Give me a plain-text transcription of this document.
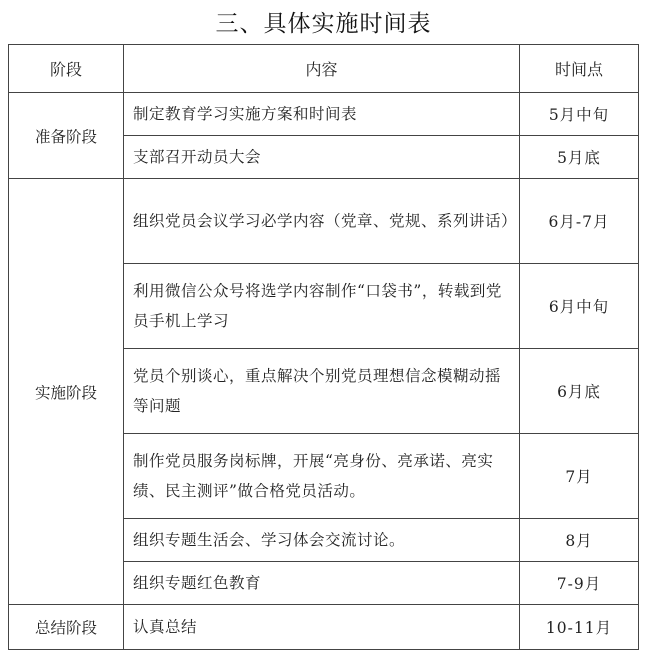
三、具体实施时间表
阶段	内容	时间点
准备阶段	制定教育学习实施方案和时间表	5月中旬
	支部召开动员大会	5月底
实施阶段	组织党员会议学习必学内容（党章、党规、系列讲话）	6月-7月
	利用微信公众号将选学内容制作“口袋书”，转载到党员手机上学习	6月中旬
	党员个别谈心，重点解决个别党员理想信念模糊动摇等问题	6月底
	制作党员服务岗标牌，开展“亮身份、亮承诺、亮实绩、民主测评”做合格党员活动。	7月
	组织专题生活会、学习体会交流讨论。	8月
	组织专题红色教育	7-9月
总结阶段	认真总结	10-11月
